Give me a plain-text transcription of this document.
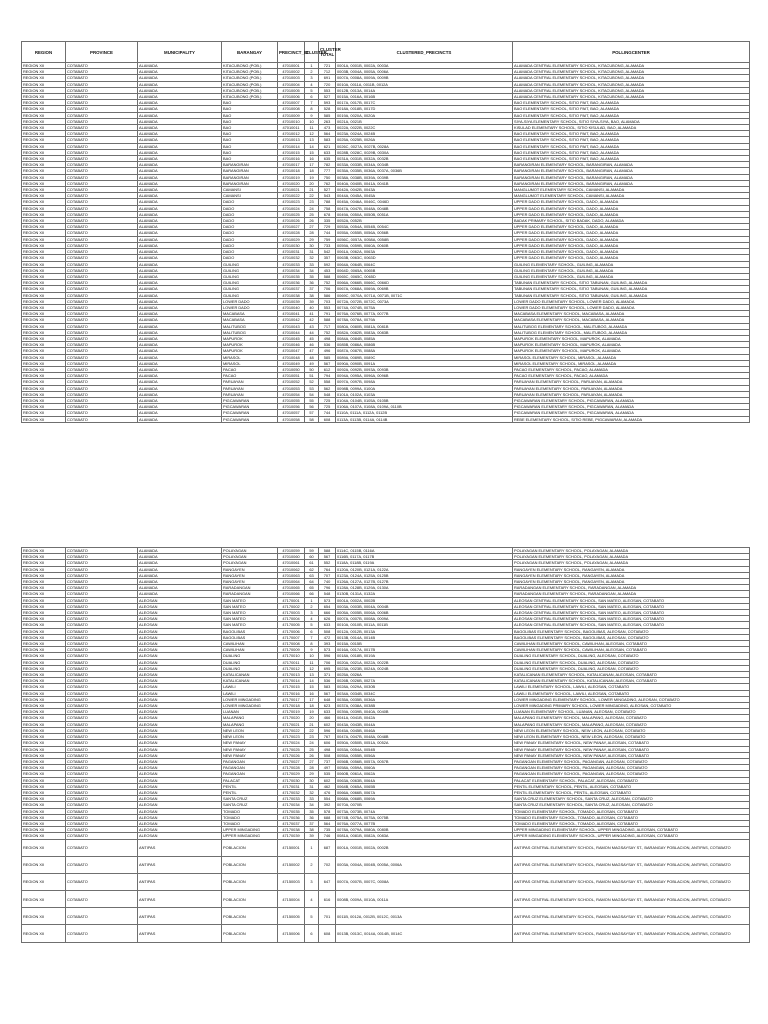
REGION	PROVINCE	MUNICIPALITY	BARANGAY	PRECINCT_ID	CLUSTER	CLUSTER TOTAL	CLUSTERED_PRECINCTS	POLLINGCENTER
REGION XII	COTABATO	ALAMADA	KITACUBONG (POB.)	47010001	1	721	0001A, 0001B, 0002A, 0003A	ALAMADA CENTRAL ELEMENTARY SCHOOL, KITACUBONG, ALAMADA
REGION XII	COTABATO	ALAMADA	KITACUBONG (POB.)	47010002	2	712	0003B, 0004A, 0005A, 0006A	ALAMADA CENTRAL ELEMENTARY SCHOOL, KITACUBONG, ALAMADA
REGION XII	COTABATO	ALAMADA	KITACUBONG (POB.)	47010003	3	691	0007A, 0008A, 0009A, 0009B	ALAMADA CENTRAL ELEMENTARY SCHOOL, KITACUBONG, ALAMADA
REGION XII	COTABATO	ALAMADA	KITACUBONG (POB.)	47010004	4	720	0010A, 0011A, 0011B, 0012A	ALAMADA CENTRAL ELEMENTARY SCHOOL, KITACUBONG, ALAMADA
REGION XII	COTABATO	ALAMADA	KITACUBONG (POB.)	47010005	5	553	0012B, 0013A, 0014A	ALAMADA CENTRAL ELEMENTARY SCHOOL, KITACUBONG, ALAMADA
REGION XII	COTABATO	ALAMADA	KITACUBONG (POB.)	47010006	6	527	0015A, 0016A, 0016B	ALAMADA CENTRAL ELEMENTARY SCHOOL, KITACUBONG, ALAMADA
REGION XII	COTABATO	ALAMADA	BAO	47010007	7	593	0017A, 0017B, 0017C	BAO ELEMENTARY SCHOOL, SITIO PAIT, BAO, ALAMADA
REGION XII	COTABATO	ALAMADA	BAO	47010008	8	528	0018A, 0018B, 0017D	BAO ELEMENTARY SCHOOL, SITIO PAIT, BAO, ALAMADA
REGION XII	COTABATO	ALAMADA	BAO	47010009	9	585	0019A, 0020A, 0020A	BAO ELEMENTARY SCHOOL, SITIO PAIT, BAO, ALAMADA
REGION XII	COTABATO	ALAMADA	BAO	47010010	10	263	0021A, 0021B	SIYA-SIYA ELEMENTARY SCHOOL, SITIO SIYA-SIYA, BAO, ALAMADA
REGION XII	COTABATO	ALAMADA	BAO	47010011	11	473	0022A, 0022B, 0022C	KISULAD ELEMENTARY SCHOOL, SITIO KISULAD, BAO, ALAMADA
REGION XII	COTABATO	ALAMADA	BAO	47010012	12	564	0023A, 0024A, 0024B	BAO ELEMENTARY SCHOOL, SITIO PAIT, BAO, ALAMADA
REGION XII	COTABATO	ALAMADA	BAO	47010013	13	583	0025A, 0025B, 0026A	BAO ELEMENTARY SCHOOL, SITIO PAIT, BAO, ALAMADA
REGION XII	COTABATO	ALAMADA	BAO	47010014	14	621	0026C, 0027A, 0027B, 0028A	BAO ELEMENTARY SCHOOL, SITIO PAIT, BAO, ALAMADA
REGION XII	COTABATO	ALAMADA	BAO	47010015	15	633	0028B, 0028C, 0029B, 0030A	BAO ELEMENTARY SCHOOL, SITIO PAIT, BAO, ALAMADA
REGION XII	COTABATO	ALAMADA	BAO	47010016	16	635	0031A, 0031B, 0032A, 0032B	BAO ELEMENTARY SCHOOL, SITIO PAIT, BAO, ALAMADA
REGION XII	COTABATO	ALAMADA	BARANGIRAN	47010017	17	782	0033A, 0033B, 0034A, 0034B	BARANGIRAN ELEMENTARY SCHOOL, BARANGIRAN, ALAMADA
REGION XII	COTABATO	ALAMADA	BARANGIRAN	47010018	18	777	0035A, 0035B, 0036A, 0037A, 0036B	BARANGIRAN ELEMENTARY SCHOOL, BARANGIRAN, ALAMADA
REGION XII	COTABATO	ALAMADA	BARANGIRAN	47010019	19	750	0038A, 0038B, 0039A, 0039B	BARANGIRAN ELEMENTARY SCHOOL, BARANGIRAN, ALAMADA
REGION XII	COTABATO	ALAMADA	BARANGIRAN	47010020	20	762	0040A, 0040B, 0041A, 0041B	BARANGIRAN ELEMENTARY SCHOOL, BARANGIRAN, ALAMADA
REGION XII	COTABATO	ALAMADA	CAMANSI	47010021	21	527	0042A, 0042B, 0043A	MANGLUMOT ELEMENTARY SCHOOL, CAMANSI, ALAMADA
REGION XII	COTABATO	ALAMADA	CAMANSI	47010022	22	543	0044A, 0045A, 0045A	MANGLUMOT ELEMENTARY SCHOOL, CAMANSI, ALAMADA
REGION XII	COTABATO	ALAMADA	DADO	47010023	23	788	0045A, 0046A, 0046C, 0046D	UPPER DADO ELEMENTARY SCHOOL, DADO, ALAMADA
REGION XII	COTABATO	ALAMADA	DADO	47010024	24	758	0047A, 0047B, 0048A, 0048B	UPPER DADO ELEMENTARY SCHOOL, DADO, ALAMADA
REGION XII	COTABATO	ALAMADA	DADO	47010025	25	678	0049A, 0050A, 0050B, 0051A	UPPER DADO ELEMENTARY SCHOOL, DADO, ALAMADA
REGION XII	COTABATO	ALAMADA	DADO	47010026	26	335	0052A, 0052B	BADAK PRIMARY SCHOOL, SITIO BADAK, DADO, ALAMADA
REGION XII	COTABATO	ALAMADA	DADO	47010027	27	729	0053A, 0054A, 0054B, 0054C	UPPER DADO ELEMENTARY SCHOOL, DADO, ALAMADA
REGION XII	COTABATO	ALAMADA	DADO	47010028	28	744	0055A, 0055B, 0056A, 0056B	UPPER DADO ELEMENTARY SCHOOL, DADO, ALAMADA
REGION XII	COTABATO	ALAMADA	DADO	47010029	29	759	0056C, 0057A, 0058A, 0058B	UPPER DADO ELEMENTARY SCHOOL, DADO, ALAMADA
REGION XII	COTABATO	ALAMADA	DADO	47010030	30	733	0059A, 0059B, 0060A, 0060B	UPPER DADO ELEMENTARY SCHOOL, DADO, ALAMADA
REGION XII	COTABATO	ALAMADA	DADO	47010031	31	542	0061A, 0062A, 0063A	UPPER DADO ELEMENTARY SCHOOL, DADO, ALAMADA
REGION XII	COTABATO	ALAMADA	DADO	47010032	32	357	0063B, 0063C, 0063D	UPPER DADO ELEMENTARY SCHOOL, DADO, ALAMADA
REGION XII	COTABATO	ALAMADA	GUILING	47010033	33	592	0064A, 0064B, 0064C	GUILING ELEMENTARY SCHOOL, GUILING, ALAMADA
REGION XII	COTABATO	ALAMADA	GUILING	47010034	34	453	0064D, 0065A, 0065B	GUILING ELEMENTARY SCHOOL, GUILING, ALAMADA
REGION XII	COTABATO	ALAMADA	GUILING	47010035	35	588	0065C, 0065C, 0065D	GUILING ELEMENTARY SCHOOL, GUILING, ALAMADA
REGION XII	COTABATO	ALAMADA	GUILING	47010036	36	752	0066A, 0066B, 0066C, 0066D	TABUNAN ELEMENTARY SCHOOL, SITIO TABUNAN, GUILING, ALAMADA
REGION XII	COTABATO	ALAMADA	GUILING	47010037	37	706	0067A, 0068A, 0069A, 0069B	TABUNAN ELEMENTARY SCHOOL, SITIO TABUNAN, GUILING, ALAMADA
REGION XII	COTABATO	ALAMADA	GUILING	47010038	38	586	0069C, 0070A, 0071A, 0071B, 0071C	TABUNAN ELEMENTARY SCHOOL, SITIO TABUNAN, GUILING, ALAMADA
REGION XII	COTABATO	ALAMADA	LOWER DADO	47010039	39	703	0072A, 0072B, 0072C, 0073A	LOWER DADO ELEMENTARY SCHOOL, LOWER DADO, ALAMADA
REGION XII	COTABATO	ALAMADA	LOWER DADO	47010040	40	553	0074A, 0074B, 0075A	LOWER DADO ELEMENTARY SCHOOL, LOWER DADO, ALAMADA
REGION XII	COTABATO	ALAMADA	MACABASA	47010041	41	791	0076A, 0076B, 0077A, 0077B	MACABASA ELEMENTARY SCHOOL, MACABASA, ALAMADA
REGION XII	COTABATO	ALAMADA	MACABASA	47010042	42	588	0078A, 0078A, 0079A	MACABASA ELEMENTARY SCHOOL, MACABASA, ALAMADA
REGION XII	COTABATO	ALAMADA	MALITUBOG	47010043	43	717	0080A, 0080B, 0081A, 0081B	MALITUBOG ELEMENTARY SCHOOL, MALITUBOG, ALAMADA
REGION XII	COTABATO	ALAMADA	MALITUBOG	47010044	44	752	0082A, 0082B, 0083A, 0083B	MALITUBOG ELEMENTARY SCHOOL, MALITUBOG, ALAMADA
REGION XII	COTABATO	ALAMADA	MAPUROK	47010045	45	498	0084A, 0084B, 0085A	MAPUROK ELEMENTARY SCHOOL, MAPUROK, ALAMADA
REGION XII	COTABATO	ALAMADA	MAPUROK	47010046	46	536	0085B, 0086A, 0086B	MAPUROK ELEMENTARY SCHOOL, MAPUROK, ALAMADA
REGION XII	COTABATO	ALAMADA	MAPUROK	47010047	47	496	0087A, 0087B, 0088A	MAPUROK ELEMENTARY SCHOOL, MAPUROK, ALAMADA
REGION XII	COTABATO	ALAMADA	MIRASOL	47010048	48	585	0089A, 0089B, 0089C	MIRASOL ELEMENTARY SCHOOL, MIRASOL, ALAMADA
REGION XII	COTABATO	ALAMADA	MIRASOL	47010049	49	567	0090A, 0090B, 0091A	MIRASOL ELEMENTARY SCHOOL, MIRASOL, ALAMADA
REGION XII	COTABATO	ALAMADA	PACAO	47010050	50	612	0092A, 0092B, 0093A, 0093B	PACAO ELEMENTARY SCHOOL, PACAO, ALAMADA
REGION XII	COTABATO	ALAMADA	PACAO	47010051	51	794	0094A, 0095A, 0096A, 0096B	PACAO ELEMENTARY SCHOOL, PACAO, ALAMADA
REGION XII	COTABATO	ALAMADA	PARUAYAN	47010052	52	558	0097A, 0097B, 0098A	PARUAYAN ELEMENTARY SCHOOL, PARUAYAN, ALAMADA
REGION XII	COTABATO	ALAMADA	PARUAYAN	47010053	53	562	0098B, 0099A, 0100A	PARUAYAN ELEMENTARY SCHOOL, PARUAYAN, ALAMADA
REGION XII	COTABATO	ALAMADA	PARUAYAN	47010054	54	548	0101A, 0102A, 0103A	PARUAYAN ELEMENTARY SCHOOL, PARUAYAN, ALAMADA
REGION XII	COTABATO	ALAMADA	PIGCAWARAN	47010055	55	725	0104A, 0104B, 0105A, 0105B	PIGCAWARAN ELEMENTARY SCHOOL, PIGCAWARAN, ALAMADA
REGION XII	COTABATO	ALAMADA	PIGCAWARAN	47010056	56	725	0106A, 0107A, 0108A, 0109A, 0110B	PIGCAWARAN ELEMENTARY SCHOOL, PIGCAWARAN, ALAMADA
REGION XII	COTABATO	ALAMADA	PIGCAWARAN	47010057	57	744	0110A, 0111A, 0112A, 0112B	PIGCAWARAN ELEMENTARY SCHOOL, PIGCAWARAN, ALAMADA
REGION XII	COTABATO	ALAMADA	PIGCAWARAN	47010058	58	608	0113A, 0113B, 0114A, 0114B	REBE ELEMENTARY SCHOOL, SITIO REBE, PIGCAWARAN, ALAMADA
REGION XII	COTABATO	ALAMADA	POLAYAGAN	47010059	59	588	0114C, 0115B, 0116A	POLAYAGAN ELEMENTARY SCHOOL, POLAYAGAN, ALAMADA
REGION XII	COTABATO	ALAMADA	POLAYAGAN	47010060	60	567	0116B, 0117A, 0117B	POLAYAGAN ELEMENTARY SCHOOL, POLAYAGAN, ALAMADA
REGION XII	COTABATO	ALAMADA	POLAYAGAN	47010061	61	552	0118A, 0118B, 0119A	POLAYAGAN ELEMENTARY SCHOOL, POLAYAGAN, ALAMADA
REGION XII	COTABATO	ALAMADA	RANGAYEN	47010062	62	764	0120A, 0120B, 0121A, 0122A	RANGAYEN ELEMENTARY SCHOOL, RANGAYEN, ALAMADA
REGION XII	COTABATO	ALAMADA	RANGAYEN	47010063	63	707	0123A, 0124A, 0125A, 0125B	RANGAYEN ELEMENTARY SCHOOL, RANGAYEN, ALAMADA
REGION XII	COTABATO	ALAMADA	RANGAYEN	47010064	64	740	0126A, 0127A, 0127B, 0127B	RANGAYEN ELEMENTARY SCHOOL, RANGAYEN, ALAMADA
REGION XII	COTABATO	ALAMADA	RARADANGAN	47010065	65	796	0128A, 0128B, 0129A, 0130A	RARADANGAN ELEMENTARY SCHOOL, RARADANGAN, ALAMADA
REGION XII	COTABATO	ALAMADA	RARADANGAN	47010066	66	548	0130B, 0131A, 0132A	RARADANGAN ELEMENTARY SCHOOL, RARADANGAN, ALAMADA
REGION XII	COTABATO	ALEOSAN	SAN MATEO	47170001	1	573	0001A, 0002A, 0002B	ALEOSAN CENTRAL ELEMENTARY SCHOOL, SAN MATEO, ALEOSAN, COTABATO
REGION XII	COTABATO	ALEOSAN	SAN MATEO	47170002	2	654	0003A, 0003B, 0004A, 0004B	ALEOSAN CENTRAL ELEMENTARY SCHOOL, SAN MATEO, ALEOSAN, COTABATO
REGION XII	COTABATO	ALEOSAN	SAN MATEO	47170003	3	666	0005A, 0005B, 0006A, 0006B	ALEOSAN CENTRAL ELEMENTARY SCHOOL, SAN MATEO, ALEOSAN, COTABATO
REGION XII	COTABATO	ALEOSAN	SAN MATEO	47170004	4	626	0007A, 0007B, 0008A, 0009A	ALEOSAN CENTRAL ELEMENTARY SCHOOL, SAN MATEO, ALEOSAN, COTABATO
REGION XII	COTABATO	ALEOSAN	SAN MATEO	47170005	5	633	0010A, 0010B, 0011A, 0011B	ALEOSAN CENTRAL ELEMENTARY SCHOOL, SAN MATEO, ALEOSAN, COTABATO
REGION XII	COTABATO	ALEOSAN	BAGOLIBAS	47170006	6	508	0012A, 0012B, 0013A	BAGOLIBAS ELEMENTARY SCHOOL, BAGOLIBAS, ALEOSAN, COTABATO
REGION XII	COTABATO	ALEOSAN	BAGOLIBAS	47170007	7	472	0013B, 0014A, 0014B	BAGOLIBAS ELEMENTARY SCHOOL, BAGOLIBAS, ALEOSAN, COTABATO
REGION XII	COTABATO	ALEOSAN	CAWILIHAN	47170008	8	393	0015A, 0015B	CAWILIHAN ELEMENTARY SCHOOL, CAWILIHAN, ALEOSAN, COTABATO
REGION XII	COTABATO	ALEOSAN	CAWILIHAN	47170009	9	573	0016A, 0017A, 0017B	CAWILIHAN ELEMENTARY SCHOOL, CAWILIHAN, ALEOSAN, COTABATO
REGION XII	COTABATO	ALEOSAN	DUALING	47170010	10	596	0018A, 0018B, 0019A	DUALING ELEMENTARY SCHOOL, DUALING, ALEOSAN, COTABATO
REGION XII	COTABATO	ALEOSAN	DUALING	47170011	11	706	0020A, 0021A, 0022A, 0022B	DUALING ELEMENTARY SCHOOL, DUALING, ALEOSAN, COTABATO
REGION XII	COTABATO	ALEOSAN	DUALING	47170012	12	695	0023A, 0023B, 0024A, 0024B	DUALING ELEMENTARY SCHOOL, DUALING, ALEOSAN, COTABATO
REGION XII	COTABATO	ALEOSAN	KATALICANAN	47170013	13	371	0025A, 0026A	KATALICANAN ELEMENTARY SCHOOL, KATALICANAN, ALEOSAN, COTABATO
REGION XII	COTABATO	ALEOSAN	KATALICANAN	47170014	14	536	0026B, 0026B, 0027A	KATALICANAN ELEMENTARY SCHOOL, KATALICANAN, ALEOSAN, COTABATO
REGION XII	COTABATO	ALEOSAN	LAWILI	47170015	15	583	0028A, 0029A, 0030B	LAWILI ELEMENTARY SCHOOL, LAWILI, ALEOSAN, COTABATO
REGION XII	COTABATO	ALEOSAN	LAWILI	47170016	16	567	0034A, 0034B, 0034C	LAWILI ELEMENTARY SCHOOL, LAWILI, ALEOSAN, COTABATO
REGION XII	COTABATO	ALEOSAN	LOWER MINGADING	47170017	17	648	0035A, 0035B, 0036A	LOWER MINGADING ELEMENTARY SCHOOL, LOWER MINGADING, ALEOSAN, COTABATO
REGION XII	COTABATO	ALEOSAN	LOWER MINGADING	47170018	18	623	0037A, 0038A, 0038B	LOWER MINGADING PRIMARY SCHOOL, LOWER MINGADING, ALEOSAN, COTABATO
REGION XII	COTABATO	ALEOSAN	LUANAN	47170019	19	633	0039A, 0039B, 0040A, 0040B	LUANAN ELEMENTARY SCHOOL, LUANAN, ALEOSAN, COTABATO
REGION XII	COTABATO	ALEOSAN	MALAPANG	47170020	20	466	0041A, 0041B, 0042A	MALAPANG ELEMENTARY SCHOOL, MALAPANG, ALEOSAN, COTABATO
REGION XII	COTABATO	ALEOSAN	MALAPANG	47170021	21	602	0043A, 0043B, 0044A	MALAPANG ELEMENTARY SCHOOL, MALAPANG, ALEOSAN, COTABATO
REGION XII	COTABATO	ALEOSAN	NEW LEON	47170022	22	596	0045A, 0045B, 0046A	NEW LEON ELEMENTARY SCHOOL, NEW LEON, ALEOSAN, COTABATO
REGION XII	COTABATO	ALEOSAN	NEW LEON	47170023	23	767	0047A, 0047B, 0048A, 0048B	NEW LEON ELEMENTARY SCHOOL, NEW LEON, ALEOSAN, COTABATO
REGION XII	COTABATO	ALEOSAN	NEW PANAY	47170024	24	606	0050A, 0050B, 0051A, 0052A	NEW PANAY ELEMENTARY SCHOOL, NEW PANAY, ALEOSAN, COTABATO
REGION XII	COTABATO	ALEOSAN	NEW PANAY	47170025	25	498	0053A, 0054A, 0054B	NEW PANAY ELEMENTARY SCHOOL, NEW PANAY, ALEOSAN, COTABATO
REGION XII	COTABATO	ALEOSAN	NEW PANAY	47170026	26	508	0055A, 0055B, 0056A	NEW PANAY ELEMENTARY SCHOOL, NEW PANAY, ALEOSAN, COTABATO
REGION XII	COTABATO	ALEOSAN	PAGANGAN	47170027	27	737	0056B, 0056B, 0057A, 0057B	PAGANGAN ELEMENTARY SCHOOL, PAGANGAN, ALEOSAN, COTABATO
REGION XII	COTABATO	ALEOSAN	PAGANGAN	47170028	28	497	0058A, 0059A, 0060A	PAGANGAN ELEMENTARY SCHOOL, PAGANGAN, ALEOSAN, COTABATO
REGION XII	COTABATO	ALEOSAN	PAGANGAN	47170029	29	535	0060B, 0061A, 0062A	PAGANGAN ELEMENTARY SCHOOL, PAGANGAN, ALEOSAN, COTABATO
REGION XII	COTABATO	ALEOSAN	PALACAT	47170030	30	602	0063A, 0063B, 0064A	PALACAT ELEMENTARY SCHOOL, PALACAT, ALEOSAN, COTABATO
REGION XII	COTABATO	ALEOSAN	PENTIL	47170031	31	462	0064B, 0065A, 0065B	PENTIL ELEMENTARY SCHOOL, PENTIL, ALEOSAN, COTABATO
REGION XII	COTABATO	ALEOSAN	PENTIL	47170032	32	476	0066A, 0066B, 0067A	PENTIL ELEMENTARY SCHOOL, PENTIL, ALEOSAN, COTABATO
REGION XII	COTABATO	ALEOSAN	SANTA CRUZ	47170033	33	554	0068A, 0068B, 0069A	SANTA CRUZ ELEMENTARY SCHOOL, SANTA CRUZ, ALEOSAN, COTABATO
REGION XII	COTABATO	ALEOSAN	SANTA CRUZ	47170034	34	392	0070A, 0070B	SANTA CRUZ ELEMENTARY SCHOOL, SANTA CRUZ, ALEOSAN, COTABATO
REGION XII	COTABATO	ALEOSAN	TOMADO	47170035	35	578	0073A, 0073B, 0074A	TOMADO ELEMENTARY SCHOOL, TOMADO, ALEOSAN, COTABATO
REGION XII	COTABATO	ALEOSAN	TOMADO	47170036	36	688	0074B, 0075A, 0075A, 0075B	TOMADO ELEMENTARY SCHOOL, TOMADO, ALEOSAN, COTABATO
REGION XII	COTABATO	ALEOSAN	TOMADO	47170037	37	564	0076A, 0077A, 0077B	TOMADO ELEMENTARY SCHOOL, TOMADO, ALEOSAN, COTABATO
REGION XII	COTABATO	ALEOSAN	UPPER MINGADING	47170038	38	735	0078A, 0079A, 0080A, 0080B	UPPER MINGADING ELEMENTARY SCHOOL, UPPER MINGADING, ALEOSAN, COTABATO
REGION XII	COTABATO	ALEOSAN	UPPER MINGADING	47170039	39	746	0081A, 0081B, 0082A, 0083A	UPPER MINGADING ELEMENTARY SCHOOL, UPPER MINGADING, ALEOSAN, COTABATO
REGION XII	COTABATO	ANTIPAS	POBLACION	47150001	1	687	0001A, 0001B, 0002A, 0002B	ANTIPAS CENTRAL ELEMENTARY SCHOOL, RAMON MAGSAYSAY ST., BARANGAY POBLACION, ANTIPAS, COTABATO
REGION XII	COTABATO	ANTIPAS	POBLACION	47150002	2	702	0003A, 0004A, 0004B, 0005A, 0006A	ANTIPAS CENTRAL ELEMENTARY SCHOOL, RAMON MAGSAYSAY ST., BARANGAY POBLACION, ANTIPAS, COTABATO
REGION XII	COTABATO	ANTIPAS	POBLACION	47150003	3	647	0007A, 0007B, 0007C, 0008A	ANTIPAS CENTRAL ELEMENTARY SCHOOL, RAMON MAGSAYSAY ST., BARANGAY POBLACION, ANTIPAS, COTABATO
REGION XII	COTABATO	ANTIPAS	POBLACION	47150004	4	616	0008B, 0009A, 0010A, 0011A	ANTIPAS CENTRAL ELEMENTARY SCHOOL, RAMON MAGSAYSAY ST., BARANGAY POBLACION, ANTIPAS, COTABATO
REGION XII	COTABATO	ANTIPAS	POBLACION	47150005	5	701	0011B, 0012A, 0012B, 0012C, 0013A	ANTIPAS CENTRAL ELEMENTARY SCHOOL, RAMON MAGSAYSAY ST., BARANGAY POBLACION, ANTIPAS, COTABATO
REGION XII	COTABATO	ANTIPAS	POBLACION	47150006	6	608	0013B, 0013C, 0014A, 0014B, 0014C	ANTIPAS CENTRAL ELEMENTARY SCHOOL, RAMON MAGSAYSAY ST., BARANGAY POBLACION, ANTIPAS, COTABATO
